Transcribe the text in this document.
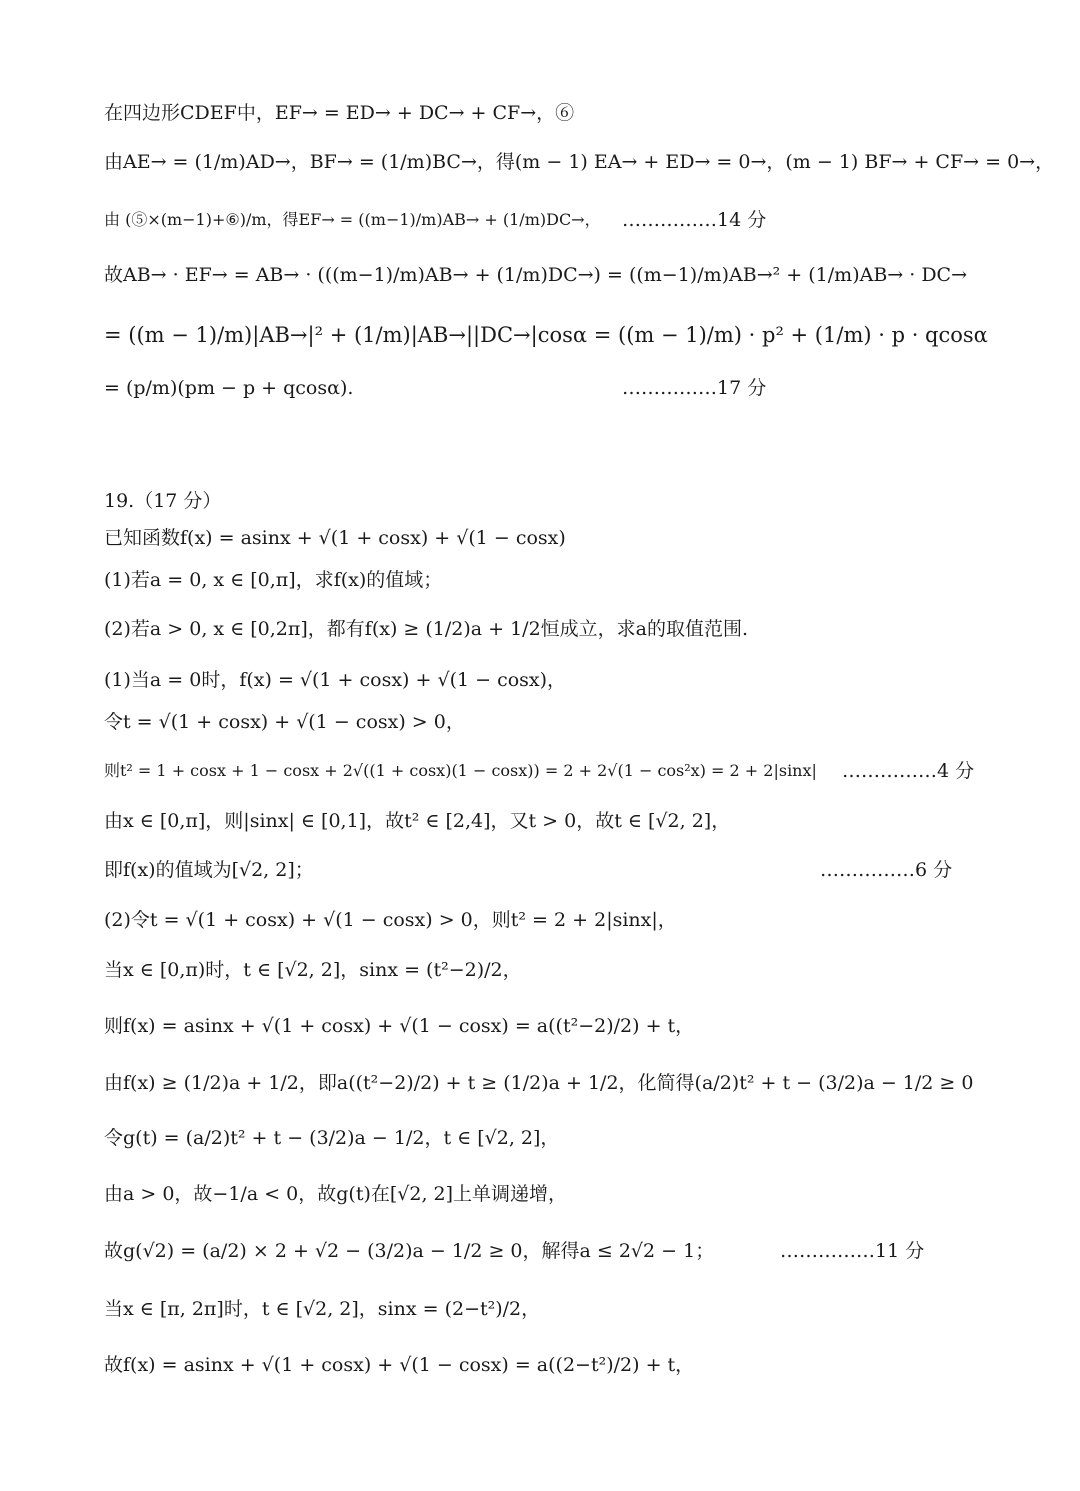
在四边形CDEF中，EF→ = ED→ + DC→ + CF→，⑥
由AE→ = (1/m)AD→，BF→ = (1/m)BC→，得(m − 1) EA→ + ED→ = 0→，(m − 1) BF→ + CF→ = 0→，
由 (⑤×(m−1)+⑥)/m，得EF→ = ((m−1)/m)AB→ + (1/m)DC→，
故AB→ · EF→ = AB→ · (((m−1)/m)AB→ + (1/m)DC→) = ((m−1)/m)AB→² + (1/m)AB→ · DC→
= ((m − 1)/m)|AB→|² + (1/m)|AB→||DC→|cosα = ((m − 1)/m) · p² + (1/m) · p · qcosα
= (p/m)(pm − p + qcosα).
19.（17 分）
已知函数f(x) = asinx + √(1 + cosx) + √(1 − cosx)
(1)若a = 0, x ∈ [0,π]，求f(x)的值域；
(2)若a > 0, x ∈ [0,2π]，都有f(x) ≥ (1/2)a + 1/2恒成立，求a的取值范围.
(1)当a = 0时，f(x) = √(1 + cosx) + √(1 − cosx)，
令t = √(1 + cosx) + √(1 − cosx) > 0，
则t² = 1 + cosx + 1 − cosx + 2√((1 + cosx)(1 − cosx)) = 2 + 2√(1 − cos²x) = 2 + 2|sinx|
由x ∈ [0,π]，则|sinx| ∈ [0,1]，故t² ∈ [2,4]，又t > 0，故t ∈ [√2, 2]，
即f(x)的值域为[√2, 2]；
(2)令t = √(1 + cosx) + √(1 − cosx) > 0，则t² = 2 + 2|sinx|，
当x ∈ [0,π)时，t ∈ [√2, 2]，sinx = (t²−2)/2，
则f(x) = asinx + √(1 + cosx) + √(1 − cosx) = a((t²−2)/2) + t，
由f(x) ≥ (1/2)a + 1/2，即a((t²−2)/2) + t ≥ (1/2)a + 1/2，化简得(a/2)t² + t − (3/2)a − 1/2 ≥ 0
令g(t) = (a/2)t² + t − (3/2)a − 1/2，t ∈ [√2, 2]，
由a > 0，故−1/a < 0，故g(t)在[√2, 2]上单调递增，
故g(√2) = (a/2) × 2 + √2 − (3/2)a − 1/2 ≥ 0，解得a ≤ 2√2 − 1；
当x ∈ [π, 2π]时，t ∈ [√2, 2]，sinx = (2−t²)/2，
故f(x) = asinx + √(1 + cosx) + √(1 − cosx) = a((2−t²)/2) + t，
……………14 分
……………17 分
……………4 分
……………6 分
……………11 分
